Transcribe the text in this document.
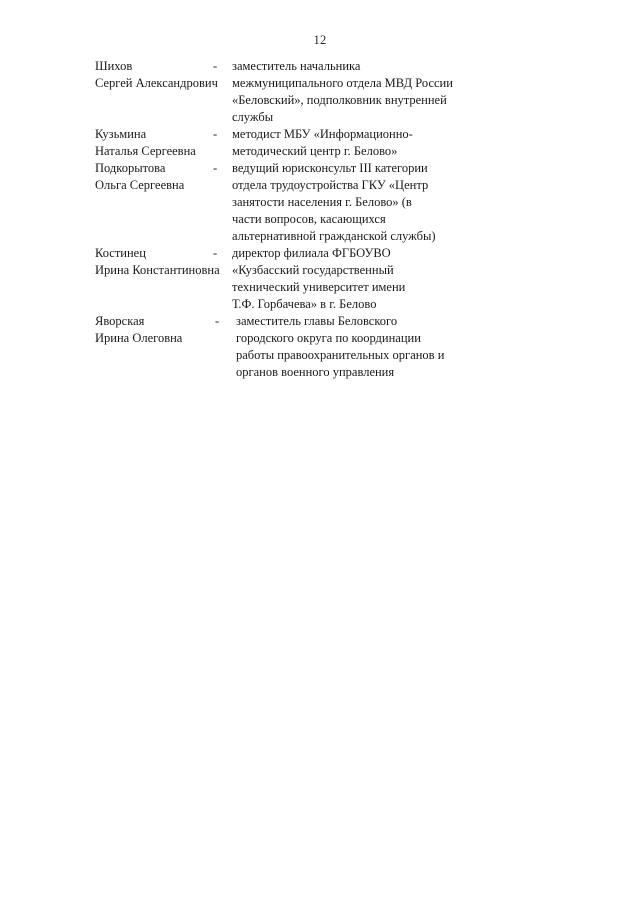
12
Шихов
Сергей Александрович
-	заместитель начальника
межмуниципального отдела МВД России
«Беловский», подполковник внутренней
службы
Кузьмина
Наталья Сергеевна
-	методист МБУ «Информационно-
методический центр г. Белово»
Подкорытова
Ольга Сергеевна
-	ведущий юрисконсульт III категории
отдела трудоустройства ГКУ «Центр
занятости населения г. Белово» (в
части вопросов, касающихся
альтернативной гражданской службы)
Костинец
Ирина Константиновна
-	директор филиала ФГБОУВО
«Кузбасский государственный
технический университет имени
Т.Ф. Горбачева» в г. Белово
Яворская
Ирина Олеговна
-	заместитель главы Беловского
городского округа по координации
работы правоохранительных органов и
органов военного управления
